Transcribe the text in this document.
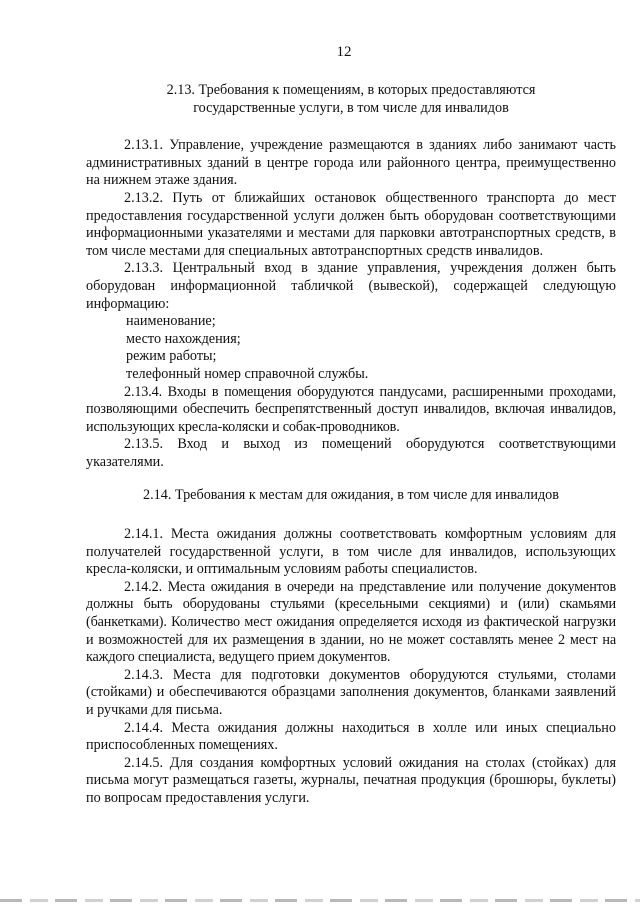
12
2.13. Требования к помещениям, в которых предоставляются
государственные услуги, в том числе для инвалидов

2.13.1. Управление, учреждение размещаются в зданиях либо занимают часть административных зданий в центре города или районного центра, преимущественно на нижнем этаже здания.

2.13.2. Путь от ближайших остановок общественного транспорта до мест предоставления государственной услуги должен быть оборудован соответствующими информационными указателями и местами для парковки автотранспортных средств, в том числе местами для специальных автотранспортных средств инвалидов.

2.13.3. Центральный вход в здание управления, учреждения должен быть оборудован информационной табличкой (вывеской), содержащей следующую информацию:

наименование;

место нахождения;

режим работы;

телефонный номер справочной службы.

2.13.4. Входы в помещения оборудуются пандусами, расширенными проходами, позволяющими обеспечить беспрепятственный доступ инвалидов, включая инвалидов, использующих кресла-коляски и собак-проводников.

2.13.5. Вход и выход из помещений оборудуются соответствующими указателями.

2.14. Требования к местам для ожидания, в том числе для инвалидов

2.14.1. Места ожидания должны соответствовать комфортным условиям для получателей государственной услуги, в том числе для инвалидов, использующих кресла-коляски, и оптимальным условиям работы специалистов.

2.14.2. Места ожидания в очереди на представление или получение документов должны быть оборудованы стульями (кресельными секциями) и (или) скамьями (банкетками). Количество мест ожидания определяется исходя из фактической нагрузки и возможностей для их размещения в здании, но не может составлять менее 2 мест на каждого специалиста, ведущего прием документов.

2.14.3. Места для подготовки документов оборудуются стульями, столами (стойками) и обеспечиваются образцами заполнения документов, бланками заявлений и ручками для письма.

2.14.4. Места ожидания должны находиться в холле или иных специально приспособленных помещениях.

2.14.5. Для создания комфортных условий ожидания на столах (стойках) для письма могут размещаться газеты, журналы, печатная продукция (брошюры, буклеты) по вопросам предоставления услуги.
